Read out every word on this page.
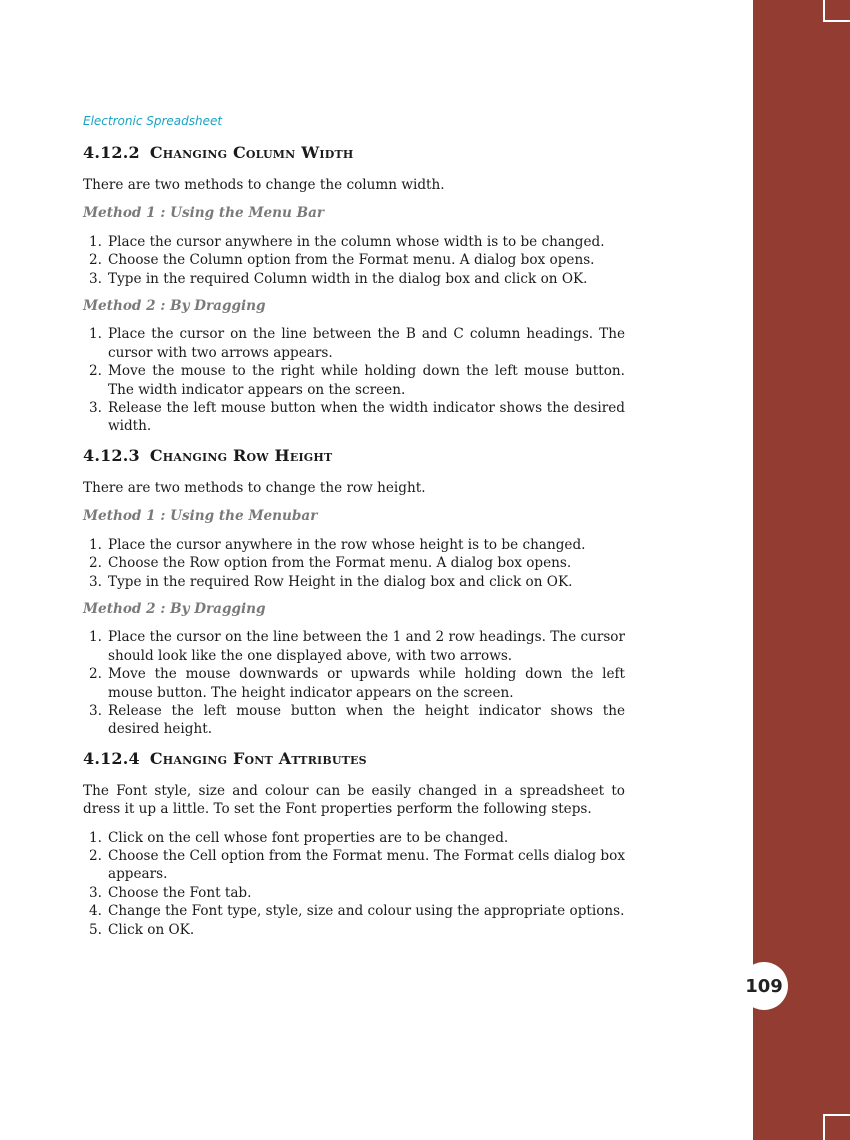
109
Electronic Spreadsheet
4.12.2 Changing Column Width

There are two methods to change the column width.

Method 1 : Using the Menu Bar
1. Place the cursor anywhere in the column whose width is to be changed.
2. Choose the Column option from the Format menu. A dialog box opens.
3. Type in the required Column width in the dialog box and click on OK.
Method 2 : By Dragging
1. Place the cursor on the line between the B and C column headings. The cursor with two arrows appears.
2. Move the mouse to the right while holding down the left mouse button. The width indicator appears on the screen.
3. Release the left mouse button when the width indicator shows the desired width.
4.12.3 Changing Row Height

There are two methods to change the row height.

Method 1 : Using the Menubar
1. Place the cursor anywhere in the row whose height is to be changed.
2. Choose the Row option from the Format menu. A dialog box opens.
3. Type in the required Row Height in the dialog box and click on OK.
Method 2 : By Dragging
1. Place the cursor on the line between the 1 and 2 row headings. The cursor should look like the one displayed above, with two arrows.
2. Move the mouse downwards or upwards while holding down the left mouse button. The height indicator appears on the screen.
3. Release the left mouse button when the height indicator shows the desired height.
4.12.4 Changing Font Attributes

The Font style, size and colour can be easily changed in a spreadsheet to dress it up a little. To set the Font properties perform the following steps.

1. Click on the cell whose font properties are to be changed.
2. Choose the Cell option from the Format menu. The Format cells dialog box appears.
3. Choose the Font tab.
4. Change the Font type, style, size and colour using the appropriate options.
5. Click on OK.
